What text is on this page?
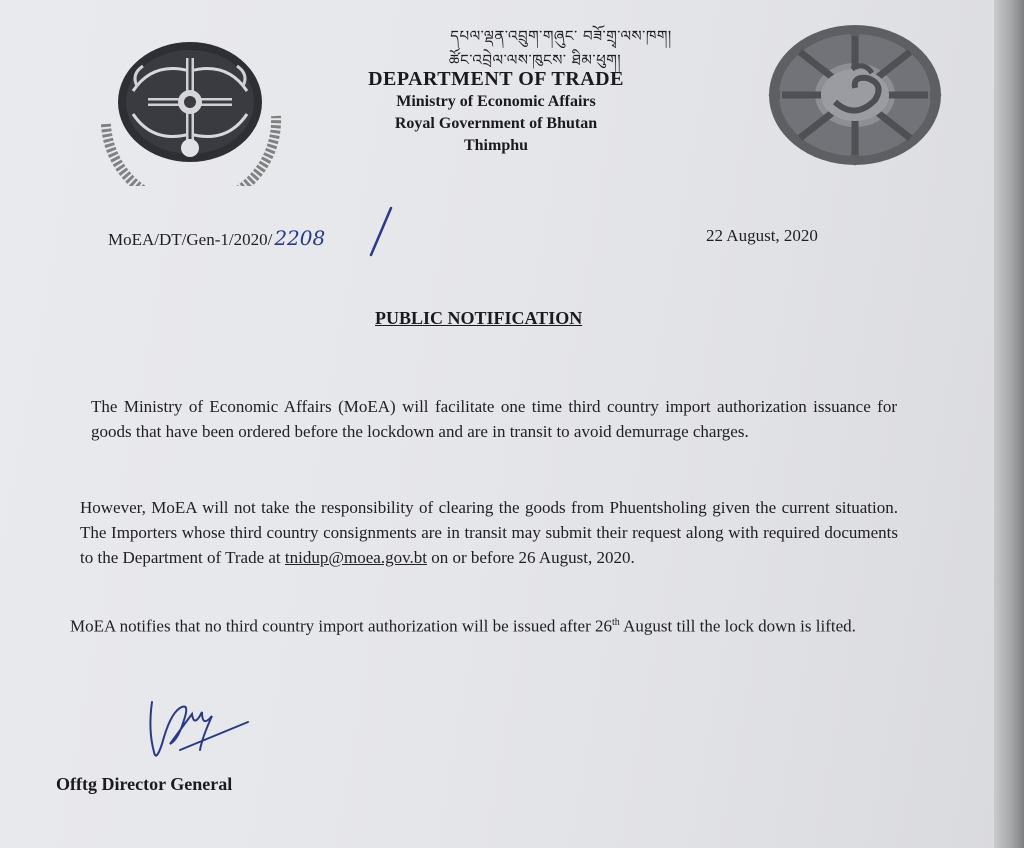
དཔལ་ལྡན་འབྲུག་གཞུང་ བཟོ་གྲྭ་ལས་ཁག།
ཚོང་འབྲེལ་ལས་ཁུངས་ ཐིམ་ཕུག།
DEPARTMENT OF TRADE
Ministry of Economic Affairs
Royal Government of Bhutan
Thimphu
MoEA/DT/Gen-1/2020/ 2208	22 August, 2020
PUBLIC NOTIFICATION

The Ministry of Economic Affairs (MoEA) will facilitate one time third country import authorization issuance for goods that have been ordered before the lockdown and are in transit to avoid demurrage charges.

However, MoEA will not take the responsibility of clearing the goods from Phuentsholing given the current situation. The Importers whose third country consignments are in transit may submit their request along with required documents to the Department of Trade at tnidup@moea.gov.bt on or before 26 August, 2020.

MoEA notifies that no third country import authorization will be issued after 26th August till the lock down is lifted.

Offtg Director General
